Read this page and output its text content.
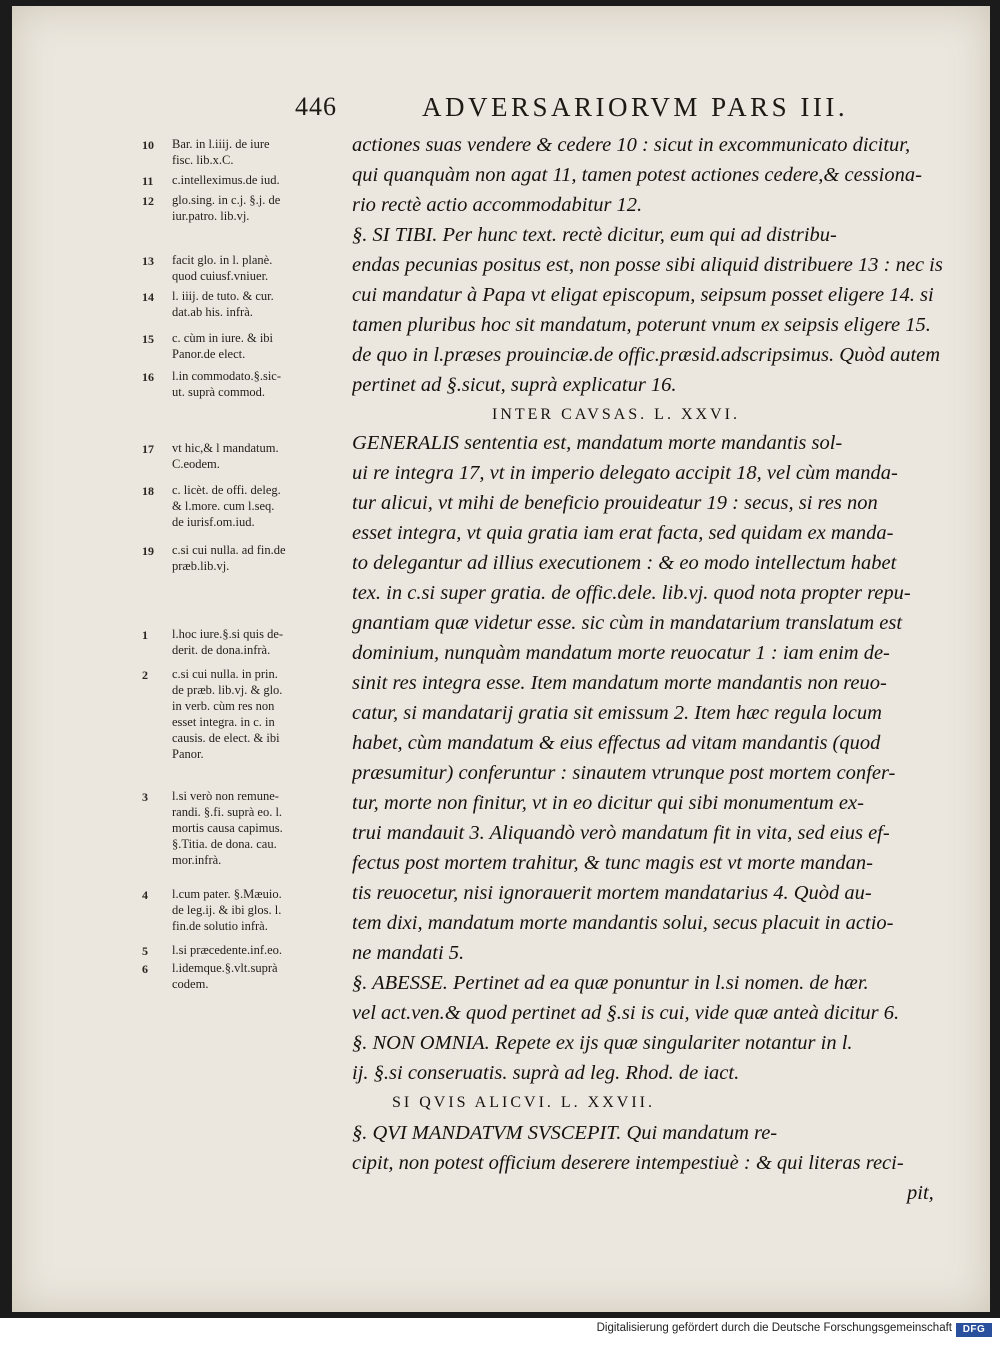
446	ADVERSARIORVM PARS III.
10	Bar. in l.iiij. de iure
fisc. lib.x.C.
11	c.intelleximus.de iud.
12	glo.sing. in c.j. §.j. de
iur.patro. lib.vj.
13	facit glo. in l. planè.
quod cuiusf.vniuer.
14	l. iiij. de tuto. & cur.
dat.ab his. infrà.
15	c. cùm in iure. & ibi
Panor.de elect.
16	l.in commodato.§.sic-
ut. suprà commod.
17	vt hic,& l mandatum.
C.eodem.
18	c. licèt. de offi. deleg.
& l.more. cum l.seq.
de iurisf.om.iud.
19	c.si cui nulla. ad fin.de
præb.lib.vj.
1	l.hoc iure.§.si quis de-
derit. de dona.infrà.
2	c.si cui nulla. in prin.
de præb. lib.vj. & glo.
in verb. cùm res non
esset integra. in c. in
causis. de elect. & ibi
Panor.
3	l.si verò non remune-
randi. §.fi. suprà eo. l.
mortis causa capimus.
§.Titia. de dona. cau.
mor.infrà.
4	l.cum pater. §.Mæuio.
de leg.ij. & ibi glos. l.
fin.de solutio infrà.
5	l.si præcedente.inf.eo.
6	l.idemque.§.vlt.suprà
codem.
actiones suas vendere & cedere 10 : sicut in excommunicato dicitur,
qui quanquàm non agat 11, tamen potest actiones cedere,& cessiona-
rio rectè actio accommodabitur 12.
§. SI TIBI. Per hunc text. rectè dicitur, eum qui ad distribu-
endas pecunias positus est, non posse sibi aliquid distribuere 13 : nec is
cui mandatur à Papa vt eligat episcopum, seipsum posset eligere 14. si
tamen pluribus hoc sit mandatum, poterunt vnum ex seipsis eligere 15.
de quo in l.præses prouinciæ.de offic.præsid.adscripsimus. Quòd autem
pertinet ad §.sicut, suprà explicatur 16.
INTER CAVSAS. L. XXVI.
GENERALIS sententia est, mandatum morte mandantis sol-
ui re integra 17, vt in imperio delegato accipit 18, vel cùm manda-
tur alicui, vt mihi de beneficio prouideatur 19 : secus, si res non
esset integra, vt quia gratia iam erat facta, sed quidam ex manda-
to delegantur ad illius executionem : & eo modo intellectum habet
tex. in c.si super gratia. de offic.dele. lib.vj. quod nota propter repu-
gnantiam quæ videtur esse. sic cùm in mandatarium translatum est
dominium, nunquàm mandatum morte reuocatur 1 : iam enim de-
sinit res integra esse. Item mandatum morte mandantis non reuo-
catur, si mandatarij gratia sit emissum 2. Item hæc regula locum
habet, cùm mandatum & eius effectus ad vitam mandantis (quod
præsumitur) conferuntur : sinautem vtrunque post mortem confer-
tur, morte non finitur, vt in eo dicitur qui sibi monumentum ex-
trui mandauit 3. Aliquandò verò mandatum fit in vita, sed eius ef-
fectus post mortem trahitur, & tunc magis est vt morte mandan-
tis reuocetur, nisi ignorauerit mortem mandatarius 4. Quòd au-
tem dixi, mandatum morte mandantis solui, secus placuit in actio-
ne mandati 5.
§. ABESSE. Pertinet ad ea quæ ponuntur in l.si nomen. de hær.
vel act.ven.& quod pertinet ad §.si is cui, vide quæ anteà dicitur 6.
§. NON OMNIA. Repete ex ijs quæ singulariter notantur in l.
ij. §.si conseruatis. suprà ad leg. Rhod. de iact.
SI QVIS ALICVI. L. XXVII.
§. QVI MANDATVM SVSCEPIT. Qui mandatum re-
cipit, non potest officium deserere intempestiuè : & qui literas reci-
pit,
Digitalisierung gefördert durch die Deutsche Forschungsgemeinschaft	DFG
